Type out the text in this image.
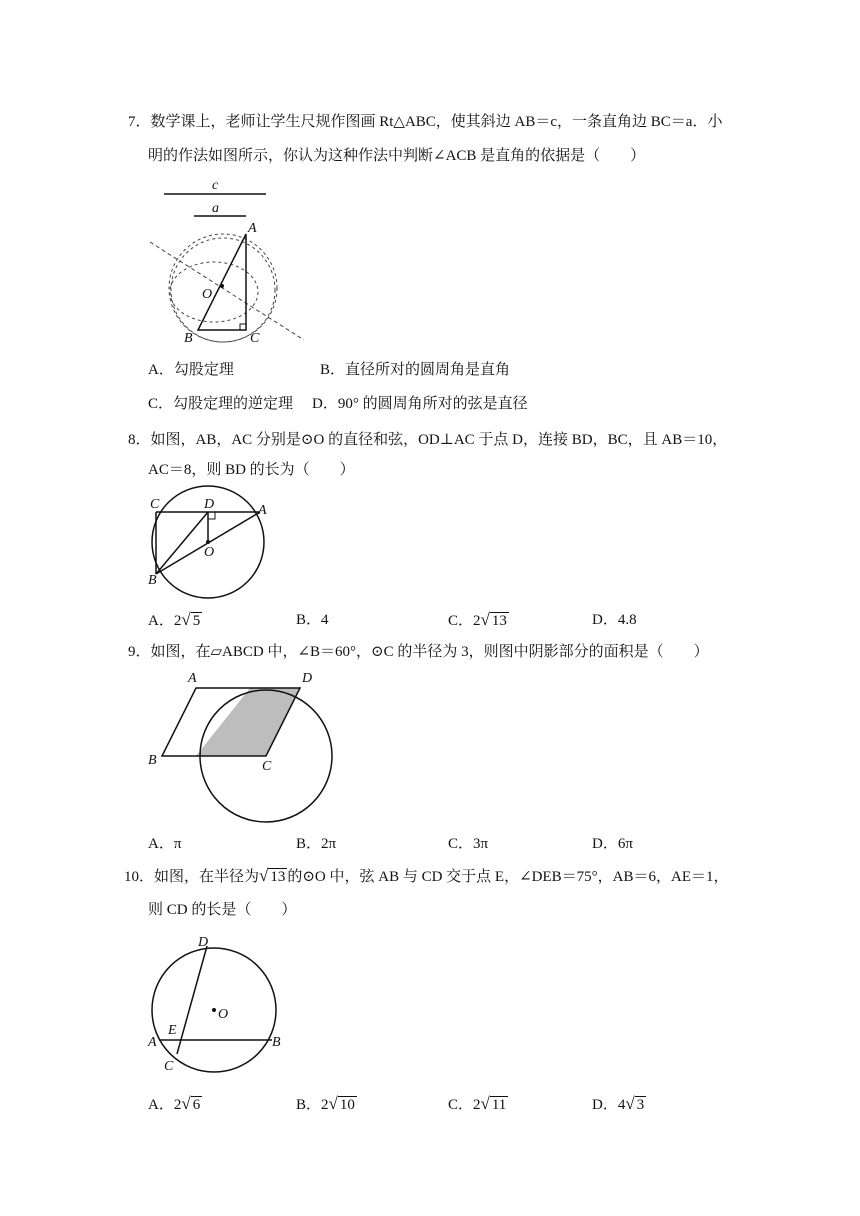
7．数学课上，老师让学生尺规作图画 Rt△ABC，使其斜边 AB＝c，一条直角边 BC＝a．小
明的作法如图所示，你认为这种作法中判断∠ACB 是直角的依据是（　　）
c
a
A
B	C
O
A．勾股定理	B．直径所对的圆周角是直角
C．勾股定理的逆定理 D．90° 的圆周角所对的弦是直径
8．如图，AB，AC 分别是⊙O 的直径和弦，OD⊥AC 于点 D，连接 BD，BC，且 AB＝10，
AC＝8，则 BD 的长为（　　）
C	D	A
B
O
A．2√ 5	B．4	C．2√ 13	D．4.8
9．如图，在▱ABCD 中，∠B＝60°，⊙C 的半径为 3，则图中阴影部分的面积是（　　）
A	D
B	C
A．π	B．2π	C．3π	D．6π
10．如图，在半径为√ 13 的⊙O 中，弦 AB 与 CD 交于点 E，∠DEB＝75°，AB＝6，AE＝1，
则 CD 的长是（　　）
D
O
E
A	B
C
A．2√ 6	B．2√ 10	C．2√ 11	D．4√ 3
